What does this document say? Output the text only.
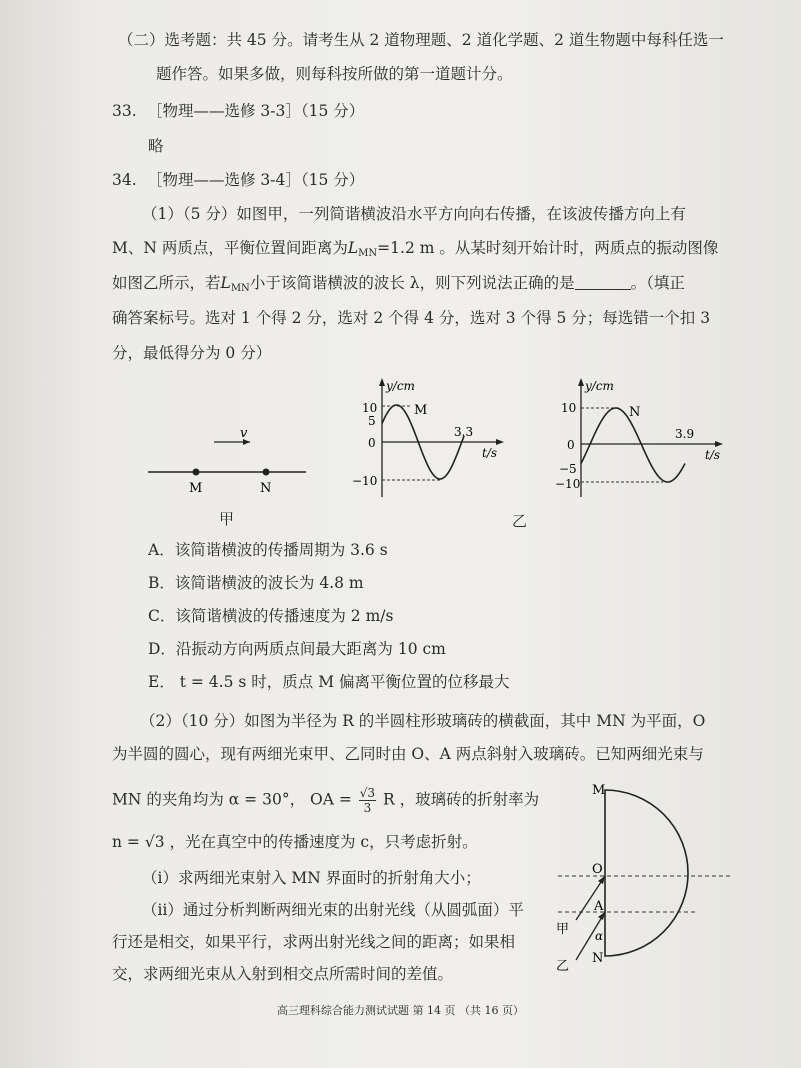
（二）选考题：共 45 分。请考生从 2 道物理题、2 道化学题、2 道生物题中每科任选一
题作答。如果多做，则每科按所做的第一道题计分。
33. ［物理——选修 3-3］（15 分）
略
34. ［物理——选修 3-4］（15 分）
（1）（5 分）如图甲，一列简谐横波沿水平方向向右传播，在该波传播方向上有
M、N 两质点，平衡位置间距离为$L_{MN}=1.2$ m 。从某时刻开始计时，两质点的振动图像
如图乙所示，若$L_{MN}$小于该简谐横波的波长 λ，则下列说法正确的是	。（填正
确答案标号。选对 1 个得 2 分，选对 2 个得 4 分，选对 3 个得 5 分；每选错一个扣 3
分，最低得分为 0 分）
v
M	N
甲
y/cm
t/s
10
5
0
−10
M
3.3
y/cm
t/s
10
0
−5
−10
N
3.9
乙
A．该简谐横波的传播周期为 3.6 s
B．该简谐横波的波长为 4.8 m
C．该简谐横波的传播速度为 2 m/s
D．沿振动方向两质点间最大距离为 10 cm
E． t = 4.5 s 时，质点 M 偏离平衡位置的位移最大
（2）（10 分）如图为半径为 R 的半圆柱形玻璃砖的横截面，其中 MN 为平面，O
为半圆的圆心，现有两细光束甲、乙同时由 O、A 两点斜射入玻璃砖。已知两细光束与
MN 的夹角均为 α = 30°， OA = $\frac{√3}{3}$ R ，玻璃砖的折射率为
n = √3 ，光在真空中的传播速度为 c，只考虑折射。
（ⅰ）求两细光束射入 MN 界面时的折射角大小；
（ⅱ）通过分析判断两细光束的出射光线（从圆弧面）平
行还是相交，如果平行，求两出射光线之间的距离；如果相
交，求两细光束从入射到相交点所需时间的差值。
M
O
A
N
甲
乙
α
高三理科综合能力测试试题 第 14 页 （共 16 页）
